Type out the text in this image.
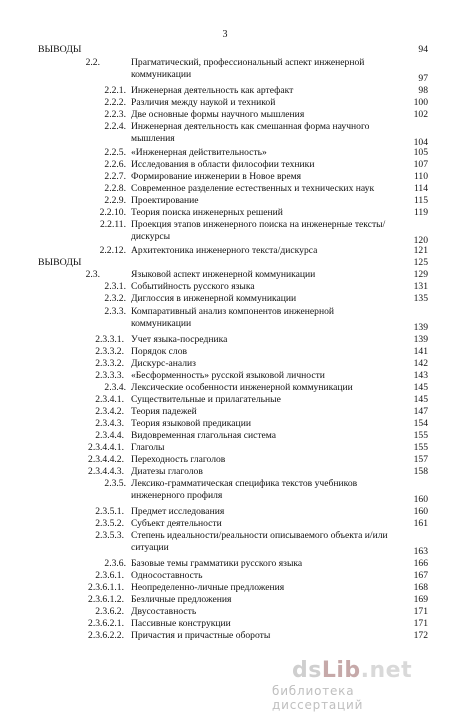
3
ВЫВОДЫ	94
2.2.	Прагматический, профессиональный аспект инженерной коммуникации	97
2.2.1. Инженерная деятельность как артефакт	98
2.2.2. Различия между наукой и техникой	100
2.2.3. Две основные формы научного мышления	102
2.2.4. Инженерная деятельность как смешанная форма научного мышления	104
2.2.5. «Инженерная действительность»	105
2.2.6. Исследования в области философии техники	107
2.2.7. Формирование инженерии в Новое время	110
2.2.8. Современное разделение естественных и технических наук	114
2.2.9. Проектирование	115
2.2.10. Теория поиска инженерных решений	119
2.2.11. Проекция этапов инженерного поиска на инженерные тексты/дискурсы	120
2.2.12. Архитектоника инженерного текста/дискурса	121
ВЫВОДЫ	125
2.3.	Языковой аспект инженерной коммуникации	129
2.3.1. Событийность русского языка	131
2.3.2. Диглоссия в инженерной коммуникации	135
2.3.3. Компаративный анализ компонентов инженерной коммуникации	139
2.3.3.1. Учет языка-посредника	139
2.3.3.2. Порядок слов	141
2.3.3.2. Дискурс-анализ	142
2.3.3.3. «Бесформенность» русской языковой личности	143
2.3.4. Лексические особенности инженерной коммуникации	145
2.3.4.1. Существительные и прилагательные	145
2.3.4.2. Теория падежей	147
2.3.4.3. Теория языковой предикации	154
2.3.4.4. Видовременная глагольная система	155
2.3.4.4.1. Глаголы	155
2.3.4.4.2. Переходность глаголов	157
2.3.4.4.3. Диатезы глаголов	158
2.3.5. Лексико-грамматическая специфика текстов учебников инженерного профиля	160
2.3.5.1. Предмет исследования	160
2.3.5.2. Субъект деятельности	161
2.3.5.3. Степень идеальности/реальности описываемого объекта и/или ситуации	163
2.3.6. Базовые темы грамматики русского языка	166
2.3.6.1. Односоставность	167
2.3.6.1.1. Неопределенно-личные предложения	168
2.3.6.1.2. Безличные предложения	169
2.3.6.2. Двусоставность	171
2.3.6.2.1. Пассивные конструкции	171
2.3.6.2.2. Причастия и причастные обороты	172
dsLib.net
библиотека диссертаций
